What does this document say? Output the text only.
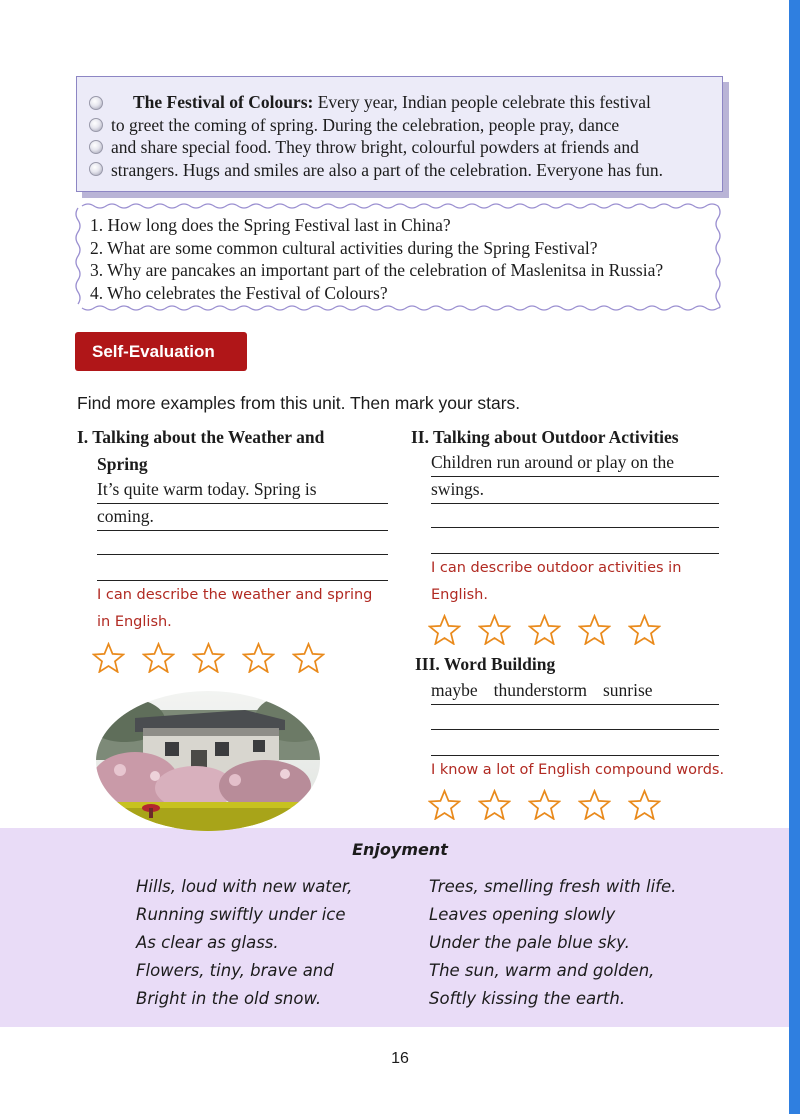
The Festival of Colours: Every year, Indian people celebrate this festival
to greet the coming of spring. During the celebration, people pray, dance
and share special food. They throw bright, colourful powders at friends and
strangers. Hugs and smiles are also a part of the celebration. Everyone has fun.
1. How long does the Spring Festival last in China?
2. What are some common cultural activities during the Spring Festival?
3. Why are pancakes an important part of the celebration of Maslenitsa in Russia?
4. Who celebrates the Festival of Colours?
Self-Evaluation
Find more examples from this unit. Then mark your stars.
I. Talking about the Weather and
Spring
It’s quite warm today. Spring is
coming.
I can describe the weather and spring
in English.
II. Talking about Outdoor Activities
Children run around or play on the
swings.
I can describe outdoor activities in
English.
III. Word Building
maybe thunderstorm sunrise
I know a lot of English compound words.
Enjoyment
Hills, loud with new water,
Running swiftly under ice
As clear as glass.
Flowers, tiny, brave and
Bright in the old snow.
Trees, smelling fresh with life.
Leaves opening slowly
Under the pale blue sky.
The sun, warm and golden,
Softly kissing the earth.
16
